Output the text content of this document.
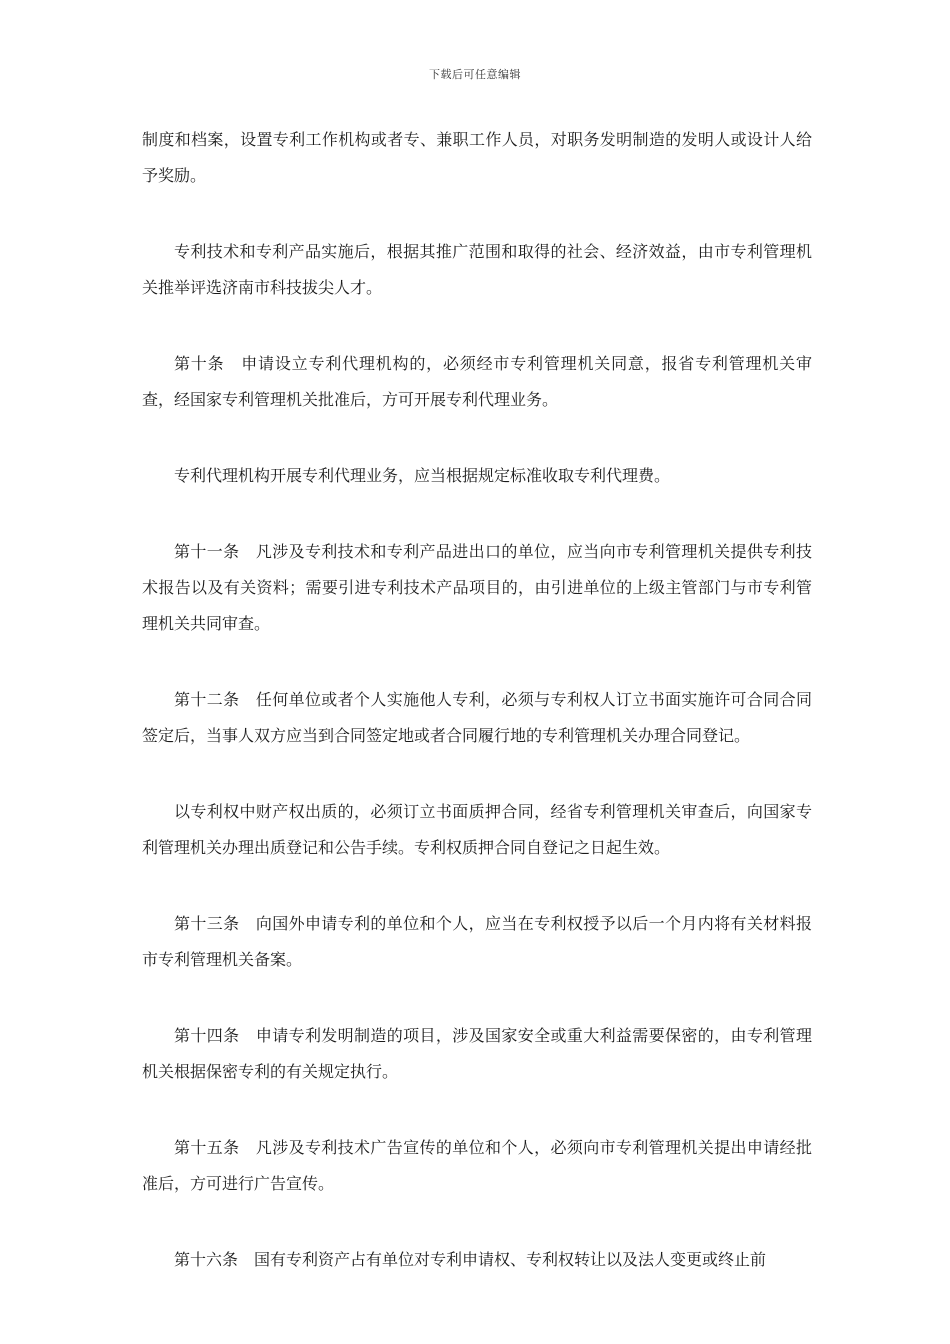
下载后可任意编辑

制度和档案，设置专利工作机构或者专、兼职工作人员，对职务发明制造的发明人或设计人给予奖励。

专利技术和专利产品实施后，根据其推广范围和取得的社会、经济效益，由市专利管理机关推举评选济南市科技拔尖人才。

第十条　申请设立专利代理机构的，必须经市专利管理机关同意，报省专利管理机关审查，经国家专利管理机关批准后，方可开展专利代理业务。

专利代理机构开展专利代理业务，应当根据规定标准收取专利代理费。

第十一条　凡涉及专利技术和专利产品进出口的单位，应当向市专利管理机关提供专利技术报告以及有关资料；需要引进专利技术产品项目的，由引进单位的上级主管部门与市专利管理机关共同审查。

第十二条　任何单位或者个人实施他人专利，必须与专利权人订立书面实施许可合同合同签定后，当事人双方应当到合同签定地或者合同履行地的专利管理机关办理合同登记。

以专利权中财产权出质的，必须订立书面质押合同，经省专利管理机关审查后，向国家专利管理机关办理出质登记和公告手续。专利权质押合同自登记之日起生效。

第十三条　向国外申请专利的单位和个人，应当在专利权授予以后一个月内将有关材料报市专利管理机关备案。

第十四条　申请专利发明制造的项目，涉及国家安全或重大利益需要保密的，由专利管理机关根据保密专利的有关规定执行。

第十五条　凡涉及专利技术广告宣传的单位和个人，必须向市专利管理机关提出申请经批准后，方可进行广告宣传。

第十六条　国有专利资产占有单位对专利申请权、专利权转让以及法人变更或终止前
